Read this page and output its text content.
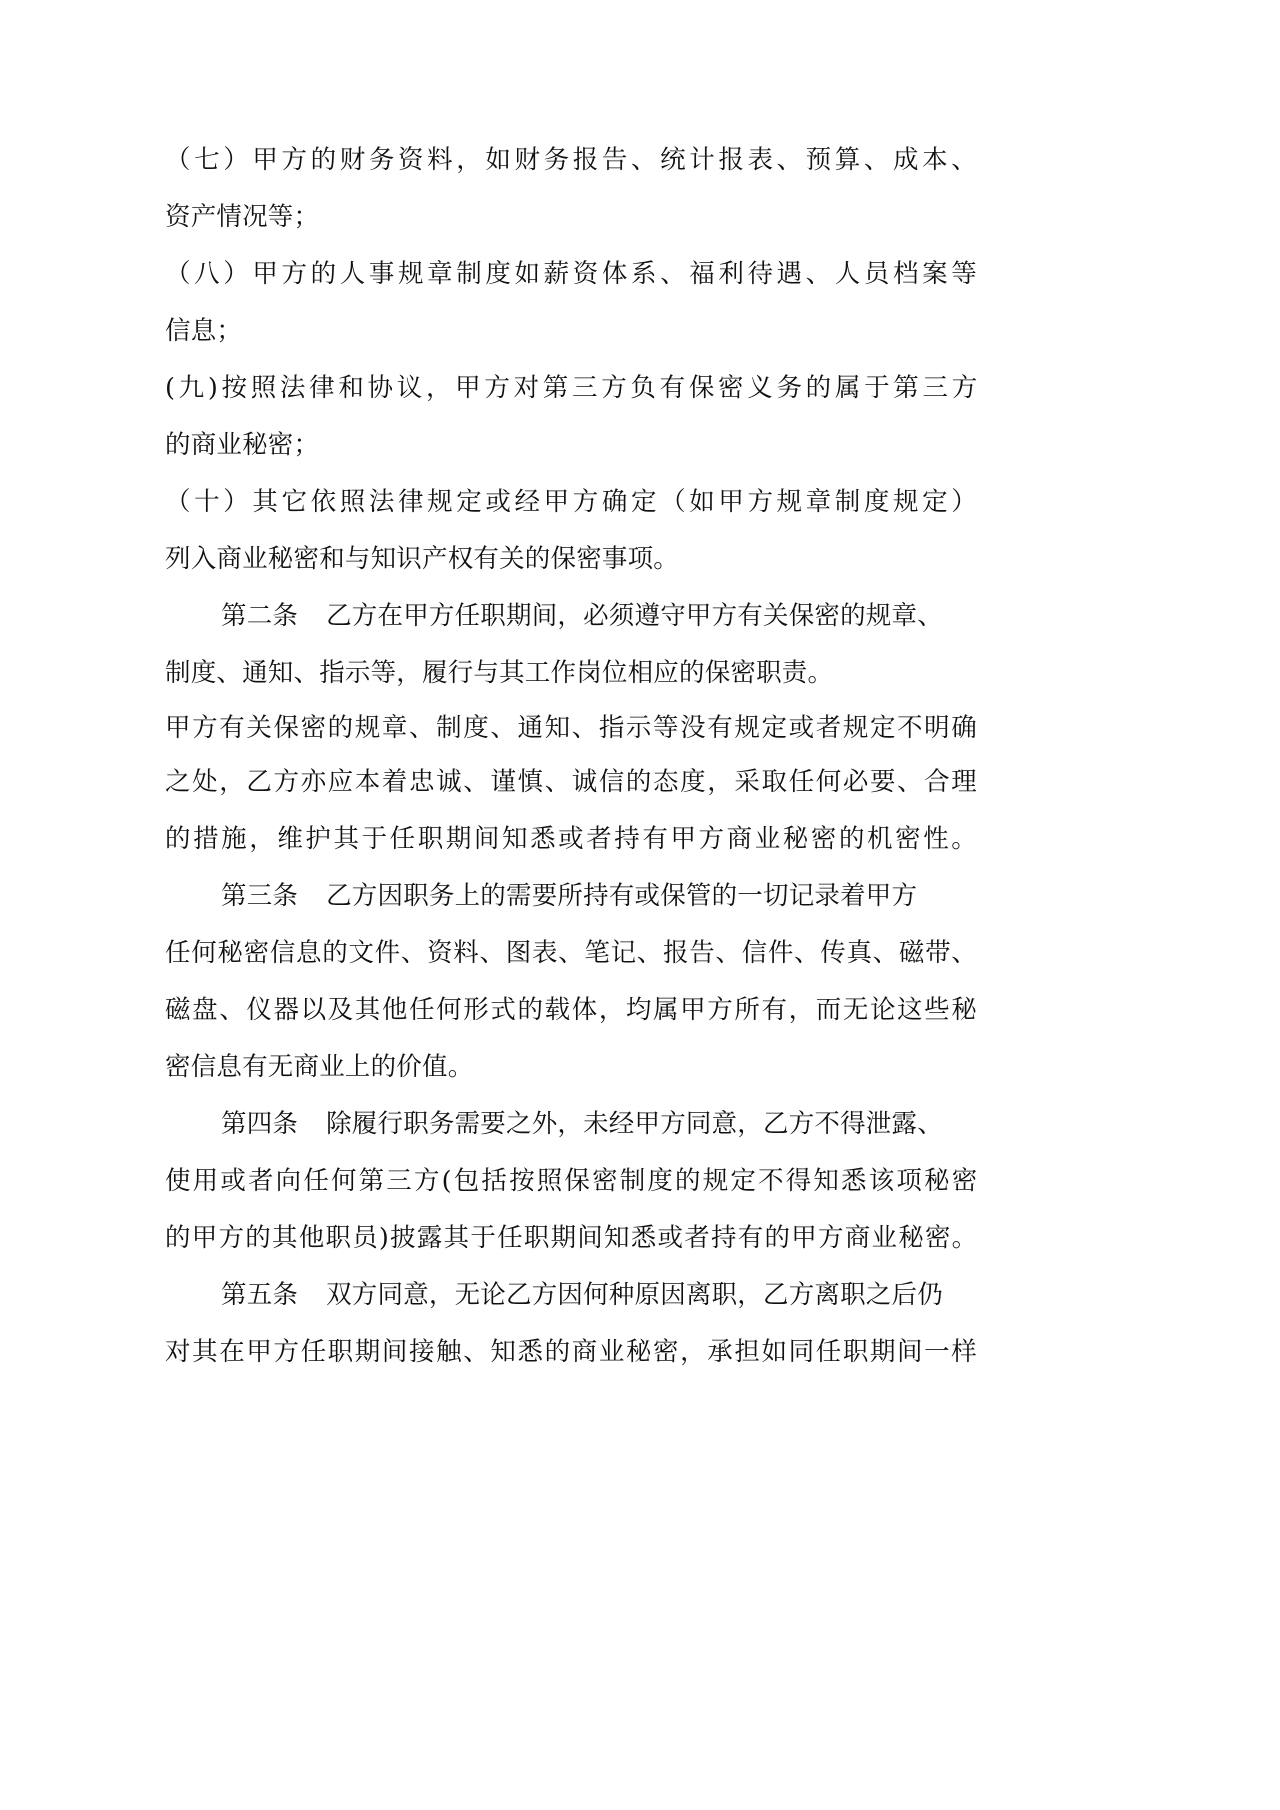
（七）甲方的财务资料，如财务报告、统计报表、预算、成本、
资产情况等；
（八）甲方的人事规章制度如薪资体系、福利待遇、人员档案等
信息；
(九)按照法律和协议，甲方对第三方负有保密义务的属于第三方
的商业秘密；
（十）其它依照法律规定或经甲方确定（如甲方规章制度规定）
列入商业秘密和与知识产权有关的保密事项。
第二条 乙方在甲方任职期间，必须遵守甲方有关保密的规章、
制度、通知、指示等，履行与其工作岗位相应的保密职责。
甲方有关保密的规章、制度、通知、指示等没有规定或者规定不明确
之处，乙方亦应本着忠诚、谨慎、诚信的态度，采取任何必要、合理
的措施，维护其于任职期间知悉或者持有甲方商业秘密的机密性。
第三条 乙方因职务上的需要所持有或保管的一切记录着甲方
任何秘密信息的文件、资料、图表、笔记、报告、信件、传真、磁带、
磁盘、仪器以及其他任何形式的载体，均属甲方所有，而无论这些秘
密信息有无商业上的价值。
第四条 除履行职务需要之外，未经甲方同意，乙方不得泄露、
使用或者向任何第三方(包括按照保密制度的规定不得知悉该项秘密
的甲方的其他职员)披露其于任职期间知悉或者持有的甲方商业秘密。
第五条 双方同意，无论乙方因何种原因离职，乙方离职之后仍
对其在甲方任职期间接触、知悉的商业秘密，承担如同任职期间一样
